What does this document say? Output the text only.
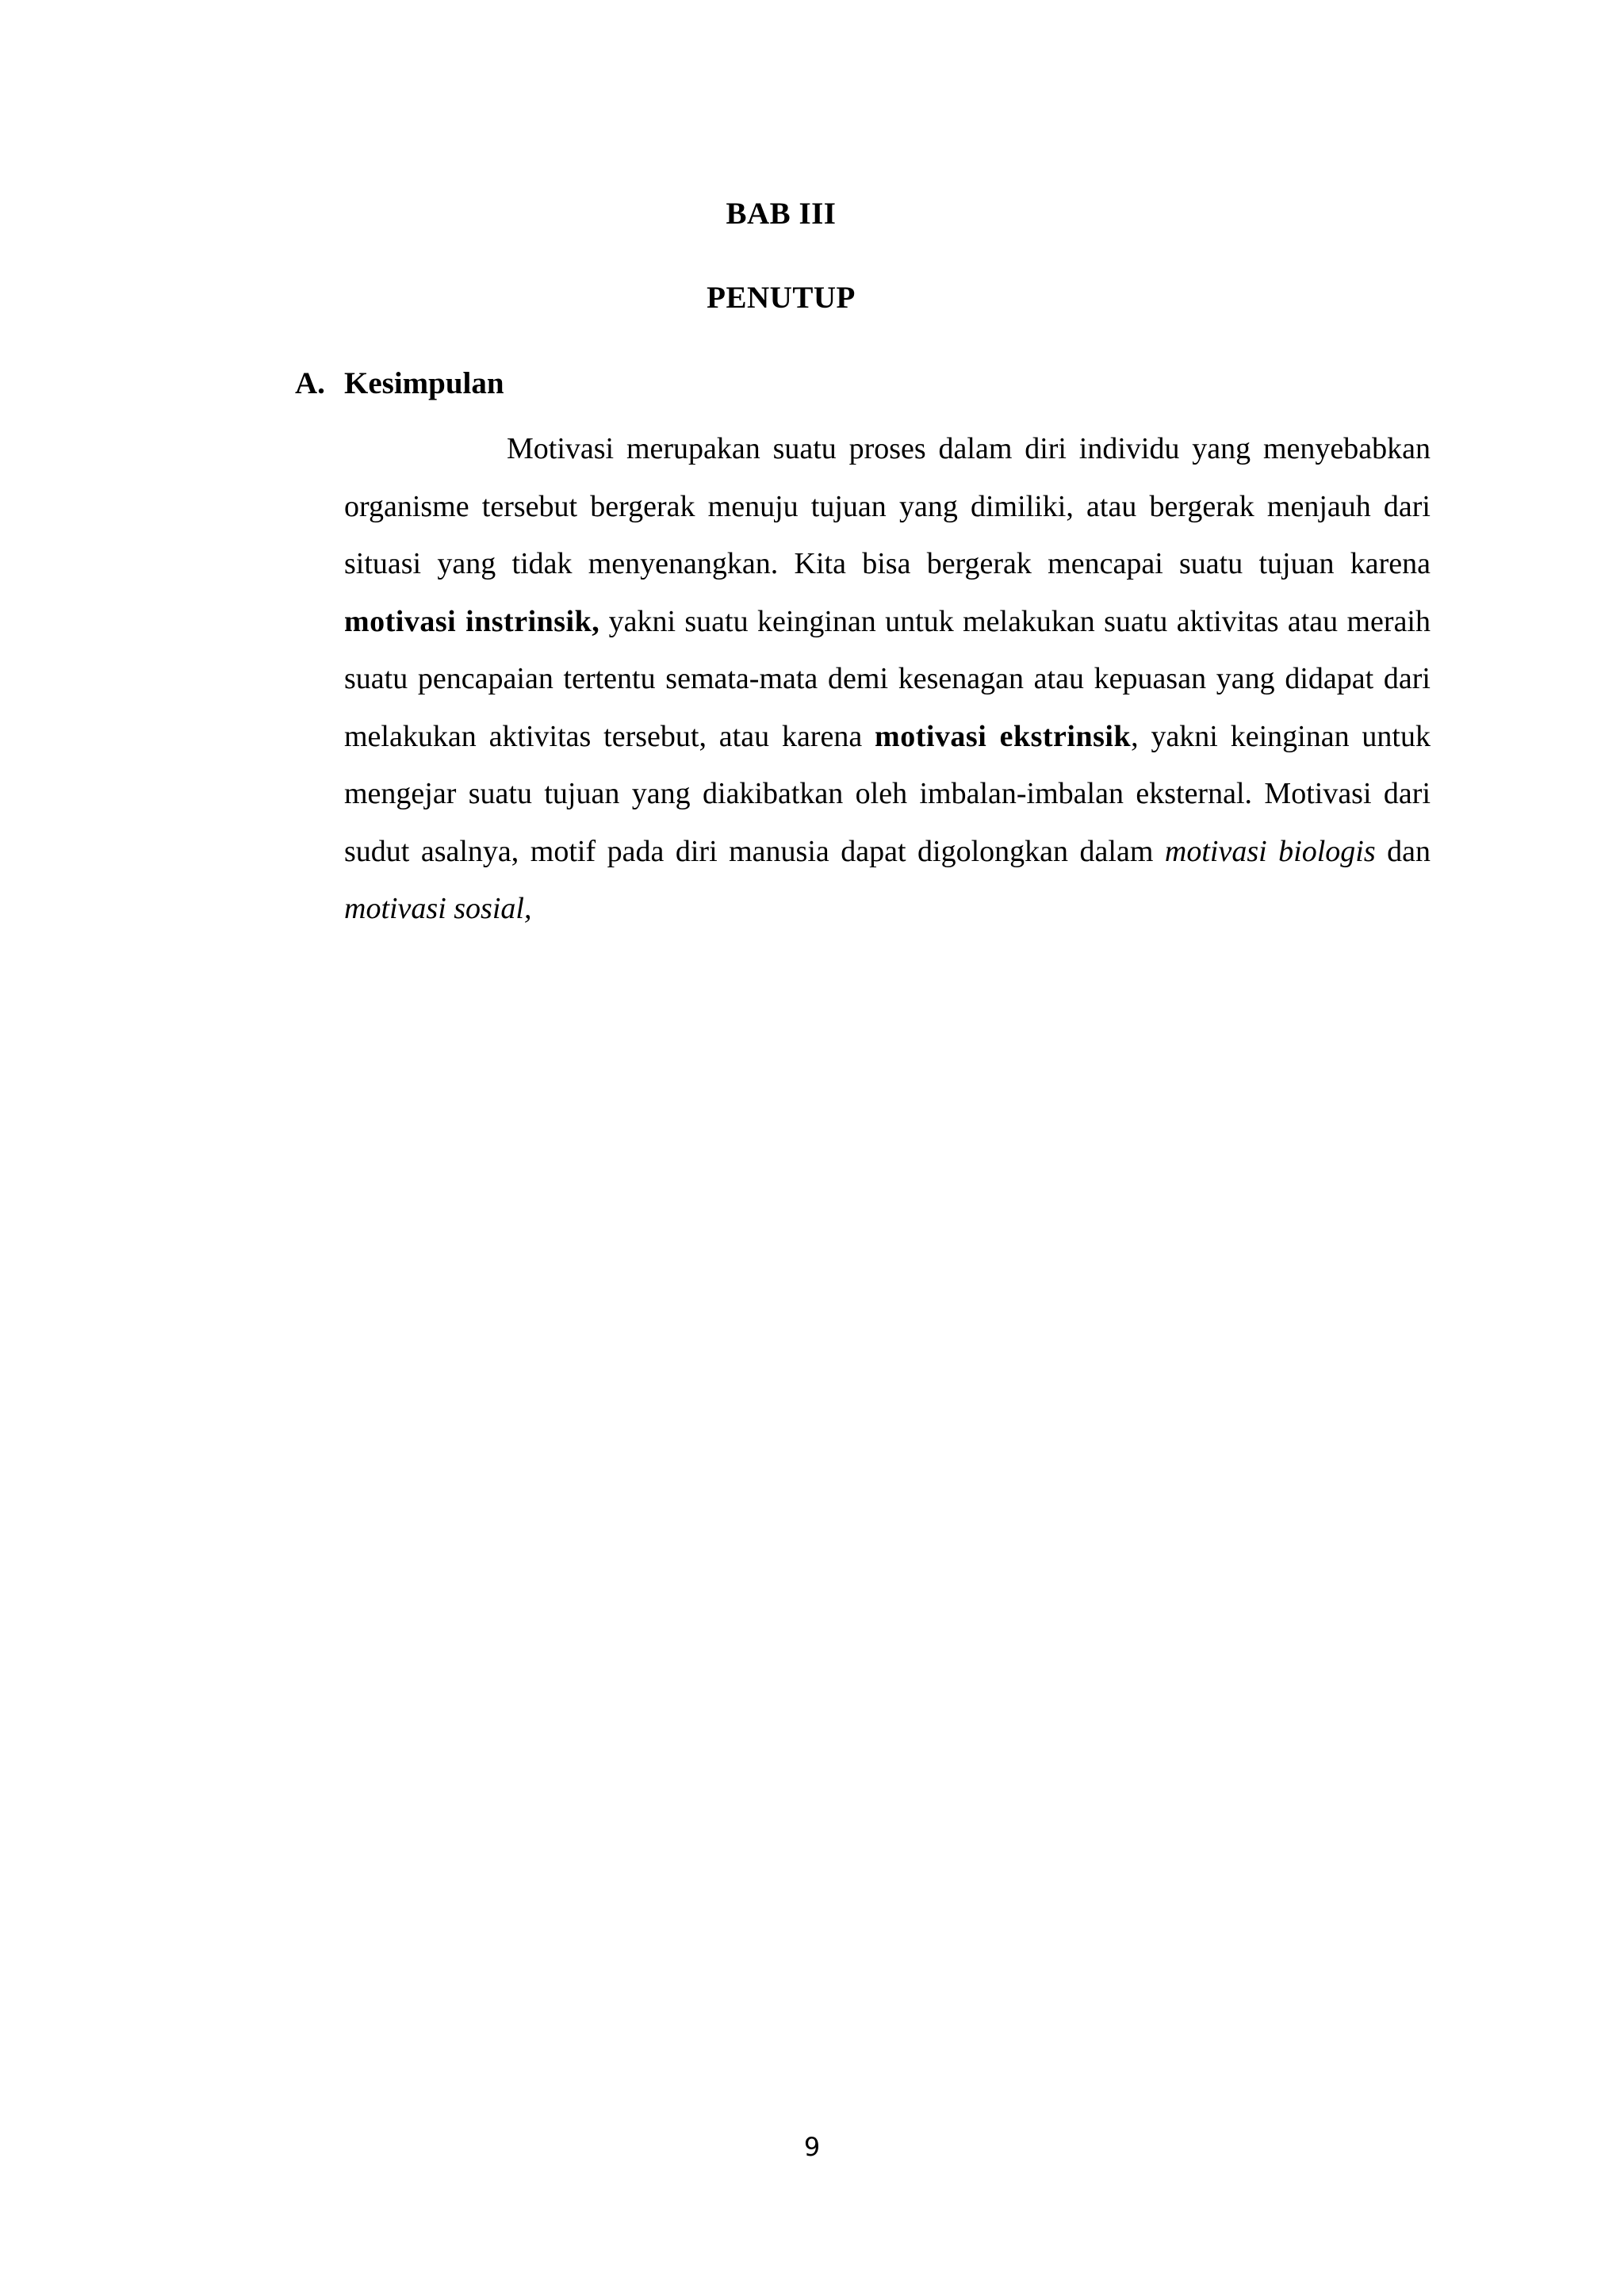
BAB III
PENUTUP
A. Kesimpulan

Motivasi merupakan suatu proses dalam diri individu yang menyebabkan organisme tersebut bergerak menuju tujuan yang dimiliki, atau bergerak menjauh dari situasi yang tidak menyenangkan. Kita bisa bergerak mencapai suatu tujuan karena motivasi instrinsik, yakni suatu keinginan untuk melakukan suatu aktivitas atau meraih suatu pencapaian tertentu semata-mata demi kesenagan atau kepuasan yang didapat dari melakukan aktivitas tersebut, atau karena motivasi ekstrinsik, yakni keinginan untuk mengejar suatu tujuan yang diakibatkan oleh imbalan-imbalan eksternal. Motivasi dari sudut asalnya, motif pada diri manusia dapat digolongkan dalam motivasi biologis dan motivasi sosial,

9
